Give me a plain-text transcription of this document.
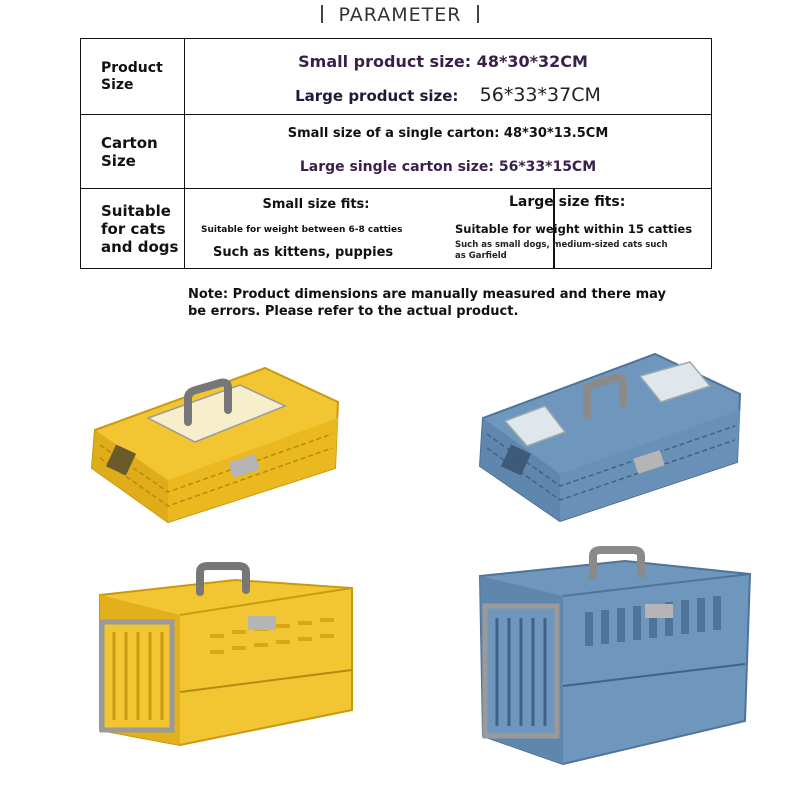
PARAMETER
Product Size
Small product size: 48*30*32CM
Large product size: 56*33*37CM
Carton Size
Small size of a single carton: 48*30*13.5CM
Large single carton size: 56*33*15CM
Suitable for cats and dogs
Small size fits:
Suitable for weight between 6-8 catties
Such as kittens, puppies
Large size fits:
Suitable for weight within 15 catties
Such as small dogs, medium-sized cats such as Garfield
Note: Product dimensions are manually measured and there may be errors. Please refer to the actual product.
